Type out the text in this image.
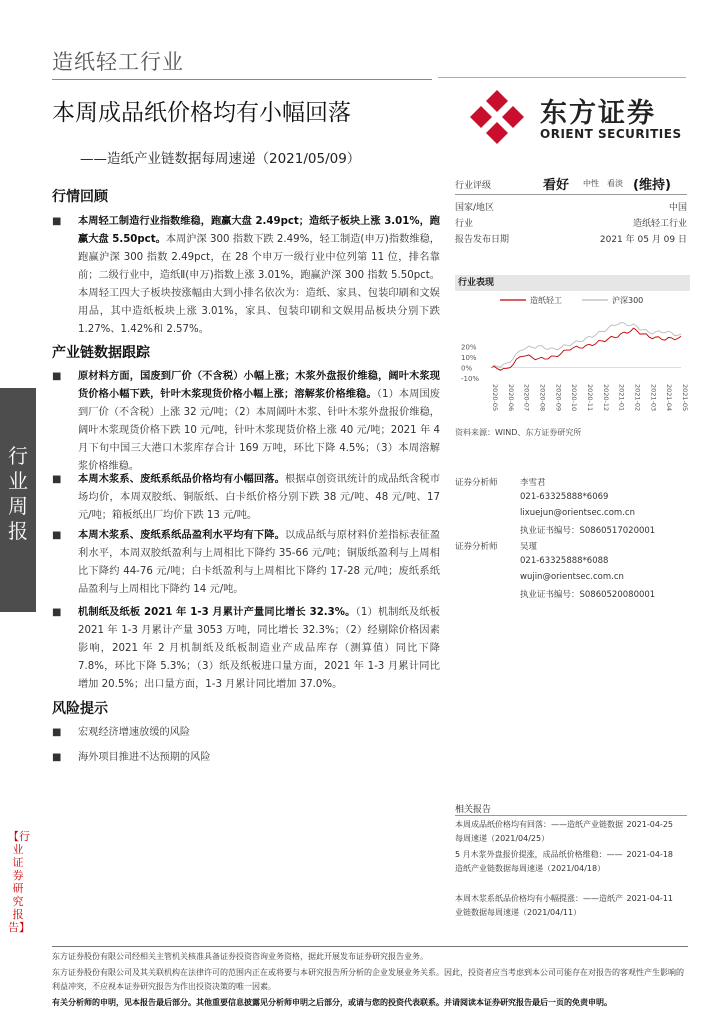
行业周报
【行业 证券研究报告】
造纸轻工行业
东方证券
ORIENT SECURITIES
本周成品纸价格均有小幅回落
——造纸产业链数据每周速递（2021/05/09）
行情回顾
■ 本周轻工制造行业指数维稳，跑赢大盘 2.49pct；造纸子板块上涨 3.01%，跑赢大盘 5.50pct。本周沪深 300 指数下跌 2.49%，轻工制造(申万)指数维稳，跑赢沪深 300 指数 2.49pct，在 28 个申万一级行业中位列第 11 位，排名靠前；二级行业中，造纸Ⅱ(申万)指数上涨 3.01%，跑赢沪深 300 指数 5.50pct。本周轻工四大子板块按涨幅由大到小排名依次为：造纸、家具、包装印刷和文娱用品，其中造纸板块上涨 3.01%，家具、包装印刷和文娱用品板块分别下跌 1.27%、1.42%和 2.57%。
产业链数据跟踪
■ 原材料方面，国废到厂价（不含税）小幅上涨；木浆外盘报价维稳，阔叶木浆现货价格小幅下跌，针叶木浆现货价格小幅上涨；溶解浆价格维稳。（1）本周国废到厂价（不含税）上涨 32 元/吨；（2）本周阔叶木浆、针叶木浆外盘报价维稳，阔叶木浆现货价格下跌 10 元/吨，针叶木浆现货价格上涨 40 元/吨；2021 年 4 月下旬中国三大港口木浆库存合计 169 万吨，环比下降 4.5%；（3）本周溶解浆价格维稳。
■ 本周木浆系、废纸系纸品价格均有小幅回落。根据卓创资讯统计的成品纸含税市场均价，本周双胶纸、铜版纸、白卡纸价格分别下跌 38 元/吨、48 元/吨、17 元/吨；箱板纸出厂均价下跌 13 元/吨。
■ 本周木浆系、废纸系纸品盈利水平均有下降。以成品纸与原材料价差指标表征盈利水平，本周双胶纸盈利与上周相比下降约 35-66 元/吨；铜版纸盈利与上周相比下降约 44-76 元/吨；白卡纸盈利与上周相比下降约 17-28 元/吨；废纸系纸品盈利与上周相比下降约 14 元/吨。
■ 机制纸及纸板 2021 年 1-3 月累计产量同比增长 32.3%。（1）机制纸及纸板 2021 年 1-3 月累计产量 3053 万吨，同比增长 32.3%；（2）经剔除价格因素影响，2021 年 2 月机制纸及纸板制造业产成品库存（测算值）同比下降 7.8%，环比下降 5.3%；（3）纸及纸板进口量方面，2021 年 1-3 月累计同比增加 20.5%；出口量方面，1-3 月累计同比增加 37.0%。
风险提示
■ 宏观经济增速放缓的风险
■ 海外项目推进不达预期的风险
行业评级	看好 中性 看淡 (维持)
国家/地区	中国
行业	造纸轻工行业
报告发布日期	2021 年 05 月 09 日
行业表现
造纸轻工	沪深300
20%
10%
0%
-10%
2020-05 2020-06 2020-07 2020-08 2020-09 2020-10 2020-11 2020-12 2021-01 2021-02 2021-03 2021-04 2021-05
资料来源：WIND、东方证券研究所
证券分析师	李雪君
021-63325888*6069
lixuejun@orientsec.com.cn
执业证书编号：S0860517020001
证券分析师	吴瑾
021-63325888*6088
wujin@orientsec.com.cn
执业证书编号：S0860520080001
相关报告
本周成品纸价格均有回落：——造纸产业链数据每周速递（2021/04/25）
2021-04-25
5 月木浆外盘报价提涨，成品纸价格维稳：——造纸产业链数据每周速递（2021/04/18）
2021-04-18
本周木浆系纸品价格均有小幅提涨：——造纸产业链数据每周速递（2021/04/11）
2021-04-11
东方证券股份有限公司经相关主管机关核准具备证券投资咨询业务资格，据此开展发布证券研究报告业务。
东方证券股份有限公司及其关联机构在法律许可的范围内正在或将要与本研究报告所分析的企业发展业务关系。因此，投资者应当考虑到本公司可能存在对报告的客观性产生影响的利益冲突，不应视本证券研究报告为作出投资决策的唯一因素。
有关分析师的申明，见本报告最后部分。其他重要信息披露见分析师申明之后部分，或请与您的投资代表联系。并请阅读本证券研究报告最后一页的免责申明。
